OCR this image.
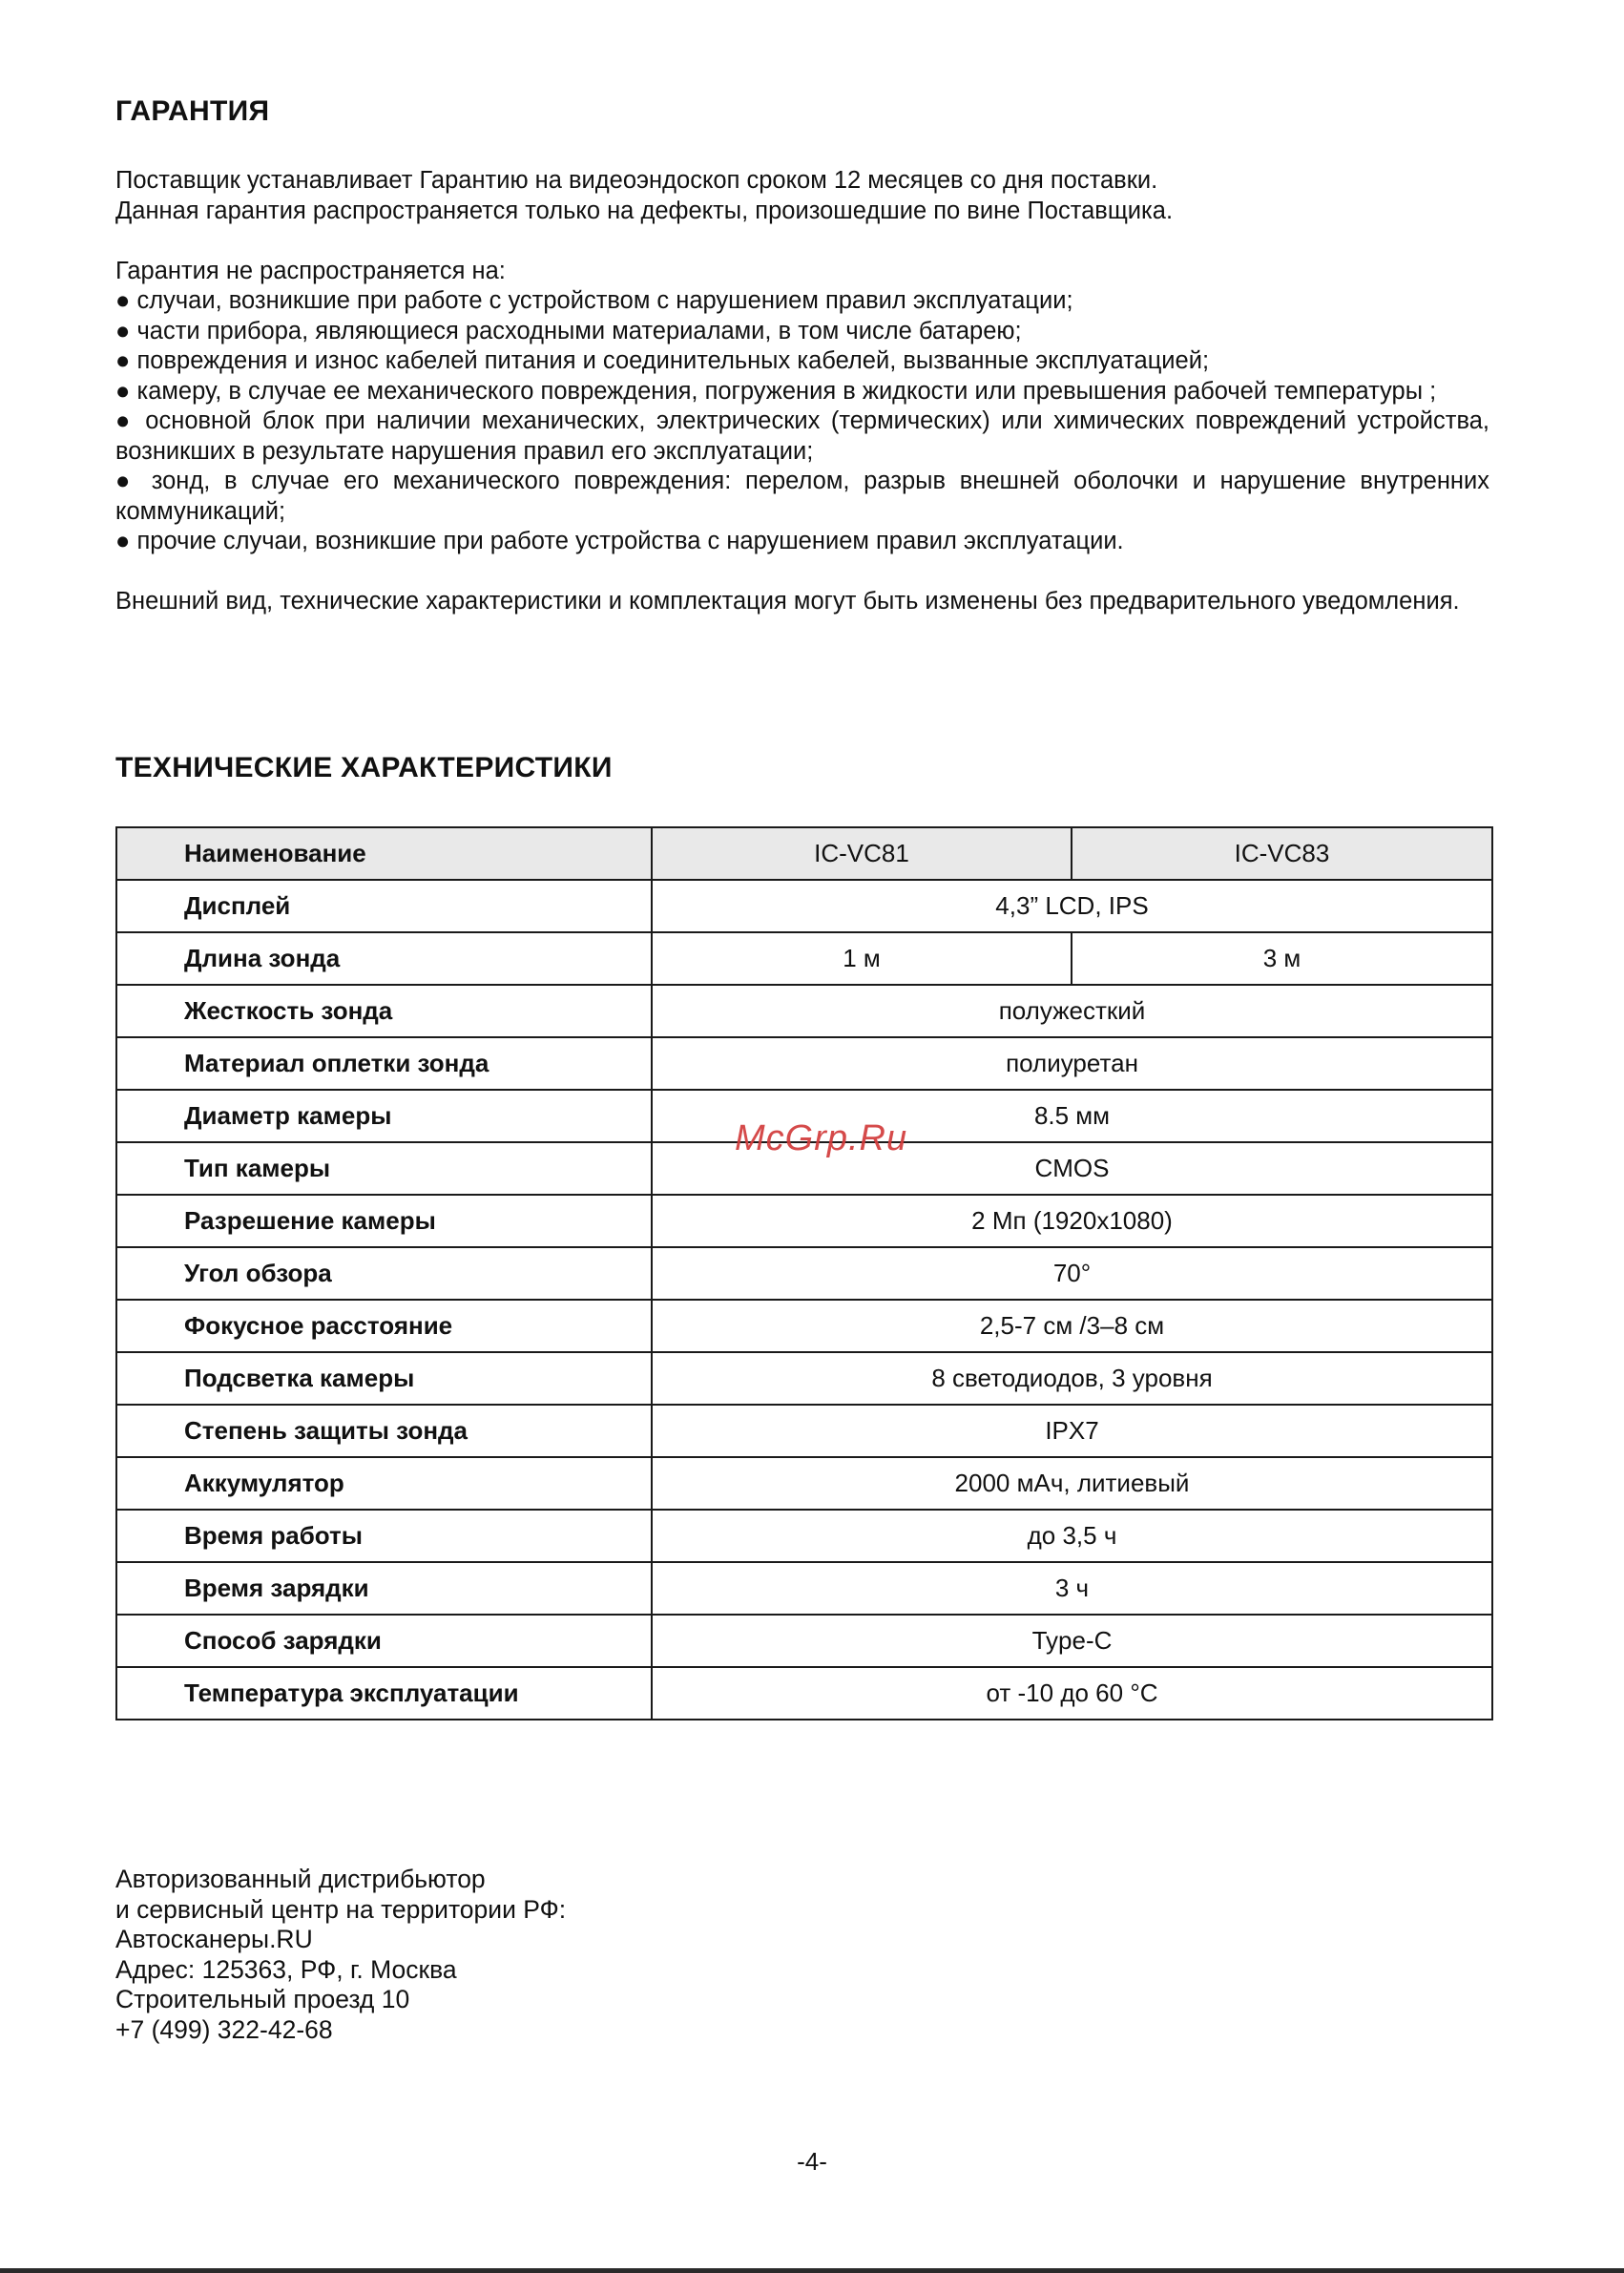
ГАРАНТИЯ

Поставщик устанавливает Гарантию на видеоэндоскоп сроком 12 месяцев со дня поставки.

Данная гарантия распространяется только на дефекты, произошедшие по вине Поставщика.

Гарантия не распространяется на:

● случаи, возникшие при работе с устройством с нарушением правил эксплуатации;

● части прибора, являющиеся расходными материалами, в том числе батарею;

● повреждения и износ кабелей питания и соединительных кабелей, вызванные эксплуатацией;

● камеру, в случае ее механического повреждения, погружения в жидкости или превышения рабочей температуры ;

● основной блок при наличии механических, электрических (термических) или химических повреждений устройства, возникших в результате нарушения правил его эксплуатации;

● зонд, в случае его механического повреждения: перелом, разрыв внешней оболочки и нарушение внутренних коммуникаций;

● прочие случаи, возникшие при работе устройства с нарушением правил эксплуатации.

Внешний вид, технические характеристики и комплектация могут быть изменены без предварительного уведомления.

ТЕХНИЧЕСКИЕ ХАРАКТЕРИСТИКИ
Наименование	IC-VC81	IC-VC83
Дисплей	4,3” LCD, IPS	
Длина зонда	1 м	3 м
Жесткость зонда	полужесткий	
Материал оплетки зонда	полиуретан	
Диаметр камеры	8.5 мм	
Тип камеры	CMOS	
Разрешение камеры	2 Мп (1920х1080)	
Угол обзора	70°	
Фокусное расстояние	2,5-7 см /3–8 см	
Подсветка камеры	8 светодиодов, 3 уровня	
Степень защиты зонда	IPX7	
Аккумулятор	2000 мАч, литиевый	
Время работы	до 3,5 ч	
Время зарядки	3 ч	
Способ зарядки	Type-C	
Температура эксплуатации	от -10 до 60 °С	
McGrp.Ru
Авторизованный дистрибьютор
и сервисный центр на территории РФ:
Автосканеры.RU
Адрес: 125363, РФ, г. Москва
Строительный проезд 10
+7 (499) 322-42-68
-4-
